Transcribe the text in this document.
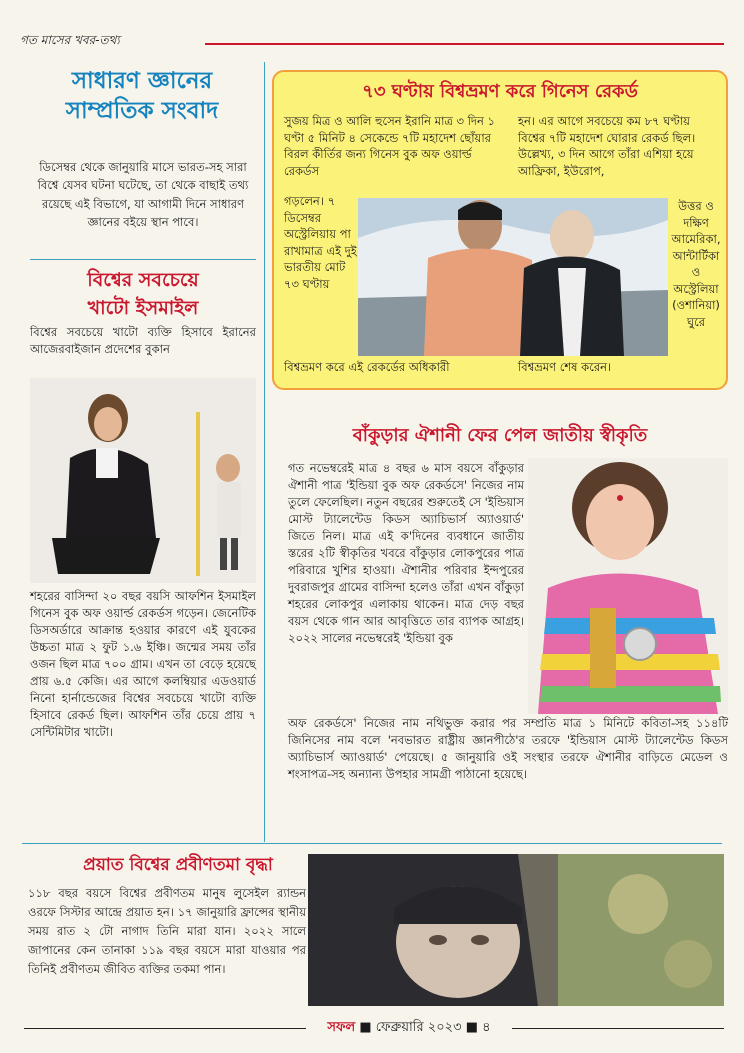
গত মাসের খবর-তথ্য
সাধারণ জ্ঞানের
সাম্প্রতিক সংবাদ

ডিসেম্বর থেকে জানুয়ারি মাসে ভারত-সহ সারা বিশ্বে যেসব ঘটনা ঘটেছে, তা থেকে বাছাই তথ্য রয়েছে এই বিভাগে, যা আগামী দিনে সাধারণ জ্ঞানের বইয়ে স্থান পাবে।

বিশ্বের সবচেয়ে
খাটো ইসমাইল

বিশ্বের সবচেয়ে খাটো ব্যক্তি হিসাবে ইরানের আজেরবাইজান প্রদেশের বুকান

শহরের বাসিন্দা ২০ বছর বয়সি আফশিন ইসমাইল গিনেস বুক অফ ওয়ার্ল্ড রেকর্ডস গড়েন। জেনেটিক ডিসঅর্ডারে আক্রান্ত হওয়ার কারণে এই যুবকের উচ্চতা মাত্র ২ ফুট ১.৬ ইঞ্চি। জন্মের সময় তাঁর ওজন ছিল মাত্র ৭০০ গ্রাম। এখন তা বেড়ে হয়েছে প্রায় ৬.৫ কেজি। এর আগে কলম্বিয়ার এডওয়ার্ড নিনো হার্নান্ডেজের বিশ্বের সবচেয়ে খাটো ব্যক্তি হিসাবে রেকর্ড ছিল। আফশিন তাঁর চেয়ে প্রায় ৭ সেন্টিমিটার খাটো।

৭৩ ঘণ্টায় বিশ্বভ্রমণ করে গিনেস রেকর্ড

সুজয় মিত্র ও আলি হুসেন ইরানি মাত্র ৩ দিন ১ ঘণ্টা ৫ মিনিট ৪ সেকেন্ডে ৭টি মহাদেশ ছোঁয়ার বিরল কীর্তির জন্য গিনেস বুক অফ ওয়ার্ল্ড রেকর্ডস

হন। এর আগে সবচেয়ে কম ৮৭ ঘণ্টায় বিশ্বের ৭টি মহাদেশ ঘোরার রেকর্ড ছিল। উল্লেখ্য, ৩ দিন আগে তাঁরা এশিয়া হয়ে আফ্রিকা, ইউরোপ,

গড়লেন। ৭ ডিসেম্বর অস্ট্রেলিয়ায় পা রাখামাত্র এই দুই ভারতীয় মোট ৭৩ ঘণ্টায়

উত্তর ও দক্ষিণ আমেরিকা, আন্টার্টিকা ও অস্ট্রেলিয়া (ওশানিয়া) ঘুরে

বিশ্বভ্রমণ করে এই রেকর্ডের অধিকারী	বিশ্বভ্রমণ শেষ করেন।

বাঁকুড়ার ঐশানী ফের পেল জাতীয় স্বীকৃতি

গত নভেম্বরেই মাত্র ৪ বছর ৬ মাস বয়সে বাঁকুড়ার ঐশানী পাত্র 'ইন্ডিয়া বুক অফ রেকর্ডসে' নিজের নাম তুলে ফেলেছিল। নতুন বছরের শুরুতেই সে 'ইন্ডিয়াস মোস্ট ট্যালেন্টেড কিডস অ্যাচিভার্স অ্যাওয়ার্ড' জিতে নিল। মাত্র এই ক'দিনের ব্যবধানে জাতীয় স্তরের ২টি স্বীকৃতির খবরে বাঁকুড়ার লোকপুরের পাত্র পরিবারে খুশির হাওয়া। ঐশানীর পরিবার ইন্দপুরের দুবরাজপুর গ্রামের বাসিন্দা হলেও তাঁরা এখন বাঁকুড়া শহরের লোকপুর এলাকায় থাকেন। মাত্র দেড় বছর বয়স থেকে গান আর আবৃত্তিতে তার ব্যাপক আগ্রহ। ২০২২ সালের নভেম্বরেই 'ইন্ডিয়া বুক

অফ রেকর্ডসে' নিজের নাম নথিভুক্ত করার পর সম্প্রতি মাত্র ১ মিনিটে কবিতা-সহ ১১৪টি জিনিসের নাম বলে 'নবভারত রাষ্ট্রীয় জ্ঞানপীঠে'র তরফে 'ইন্ডিয়াস মোস্ট ট্যালেন্টেড কিডস অ্যাচিভার্স অ্যাওয়ার্ড' পেয়েছে। ৫ জানুয়ারি ওই সংস্থার তরফে ঐশানীর বাড়িতে মেডেল ও শংসাপত্র-সহ অন্যান্য উপহার সামগ্রী পাঠানো হয়েছে।

প্রয়াত বিশ্বের প্রবীণতমা বৃদ্ধা

১১৮ বছর বয়সে বিশ্বের প্রবীণতম মানুষ লুসেইল র‌্যান্ডন ওরফে সিস্টার আন্দ্রে প্রয়াত হন। ১৭ জানুয়ারি ফ্রান্সের স্থানীয় সময় রাত ২ টো নাগাদ তিনি মারা যান। ২০২২ সালে জাপানের কেন তানাকা ১১৯ বছর বয়সে মারা যাওয়ার পর তিনিই প্রবীণতম জীবিত ব্যক্তির তকমা পান।

সফল ■ ফেব্রুয়ারি ২০২৩ ■ ৪
